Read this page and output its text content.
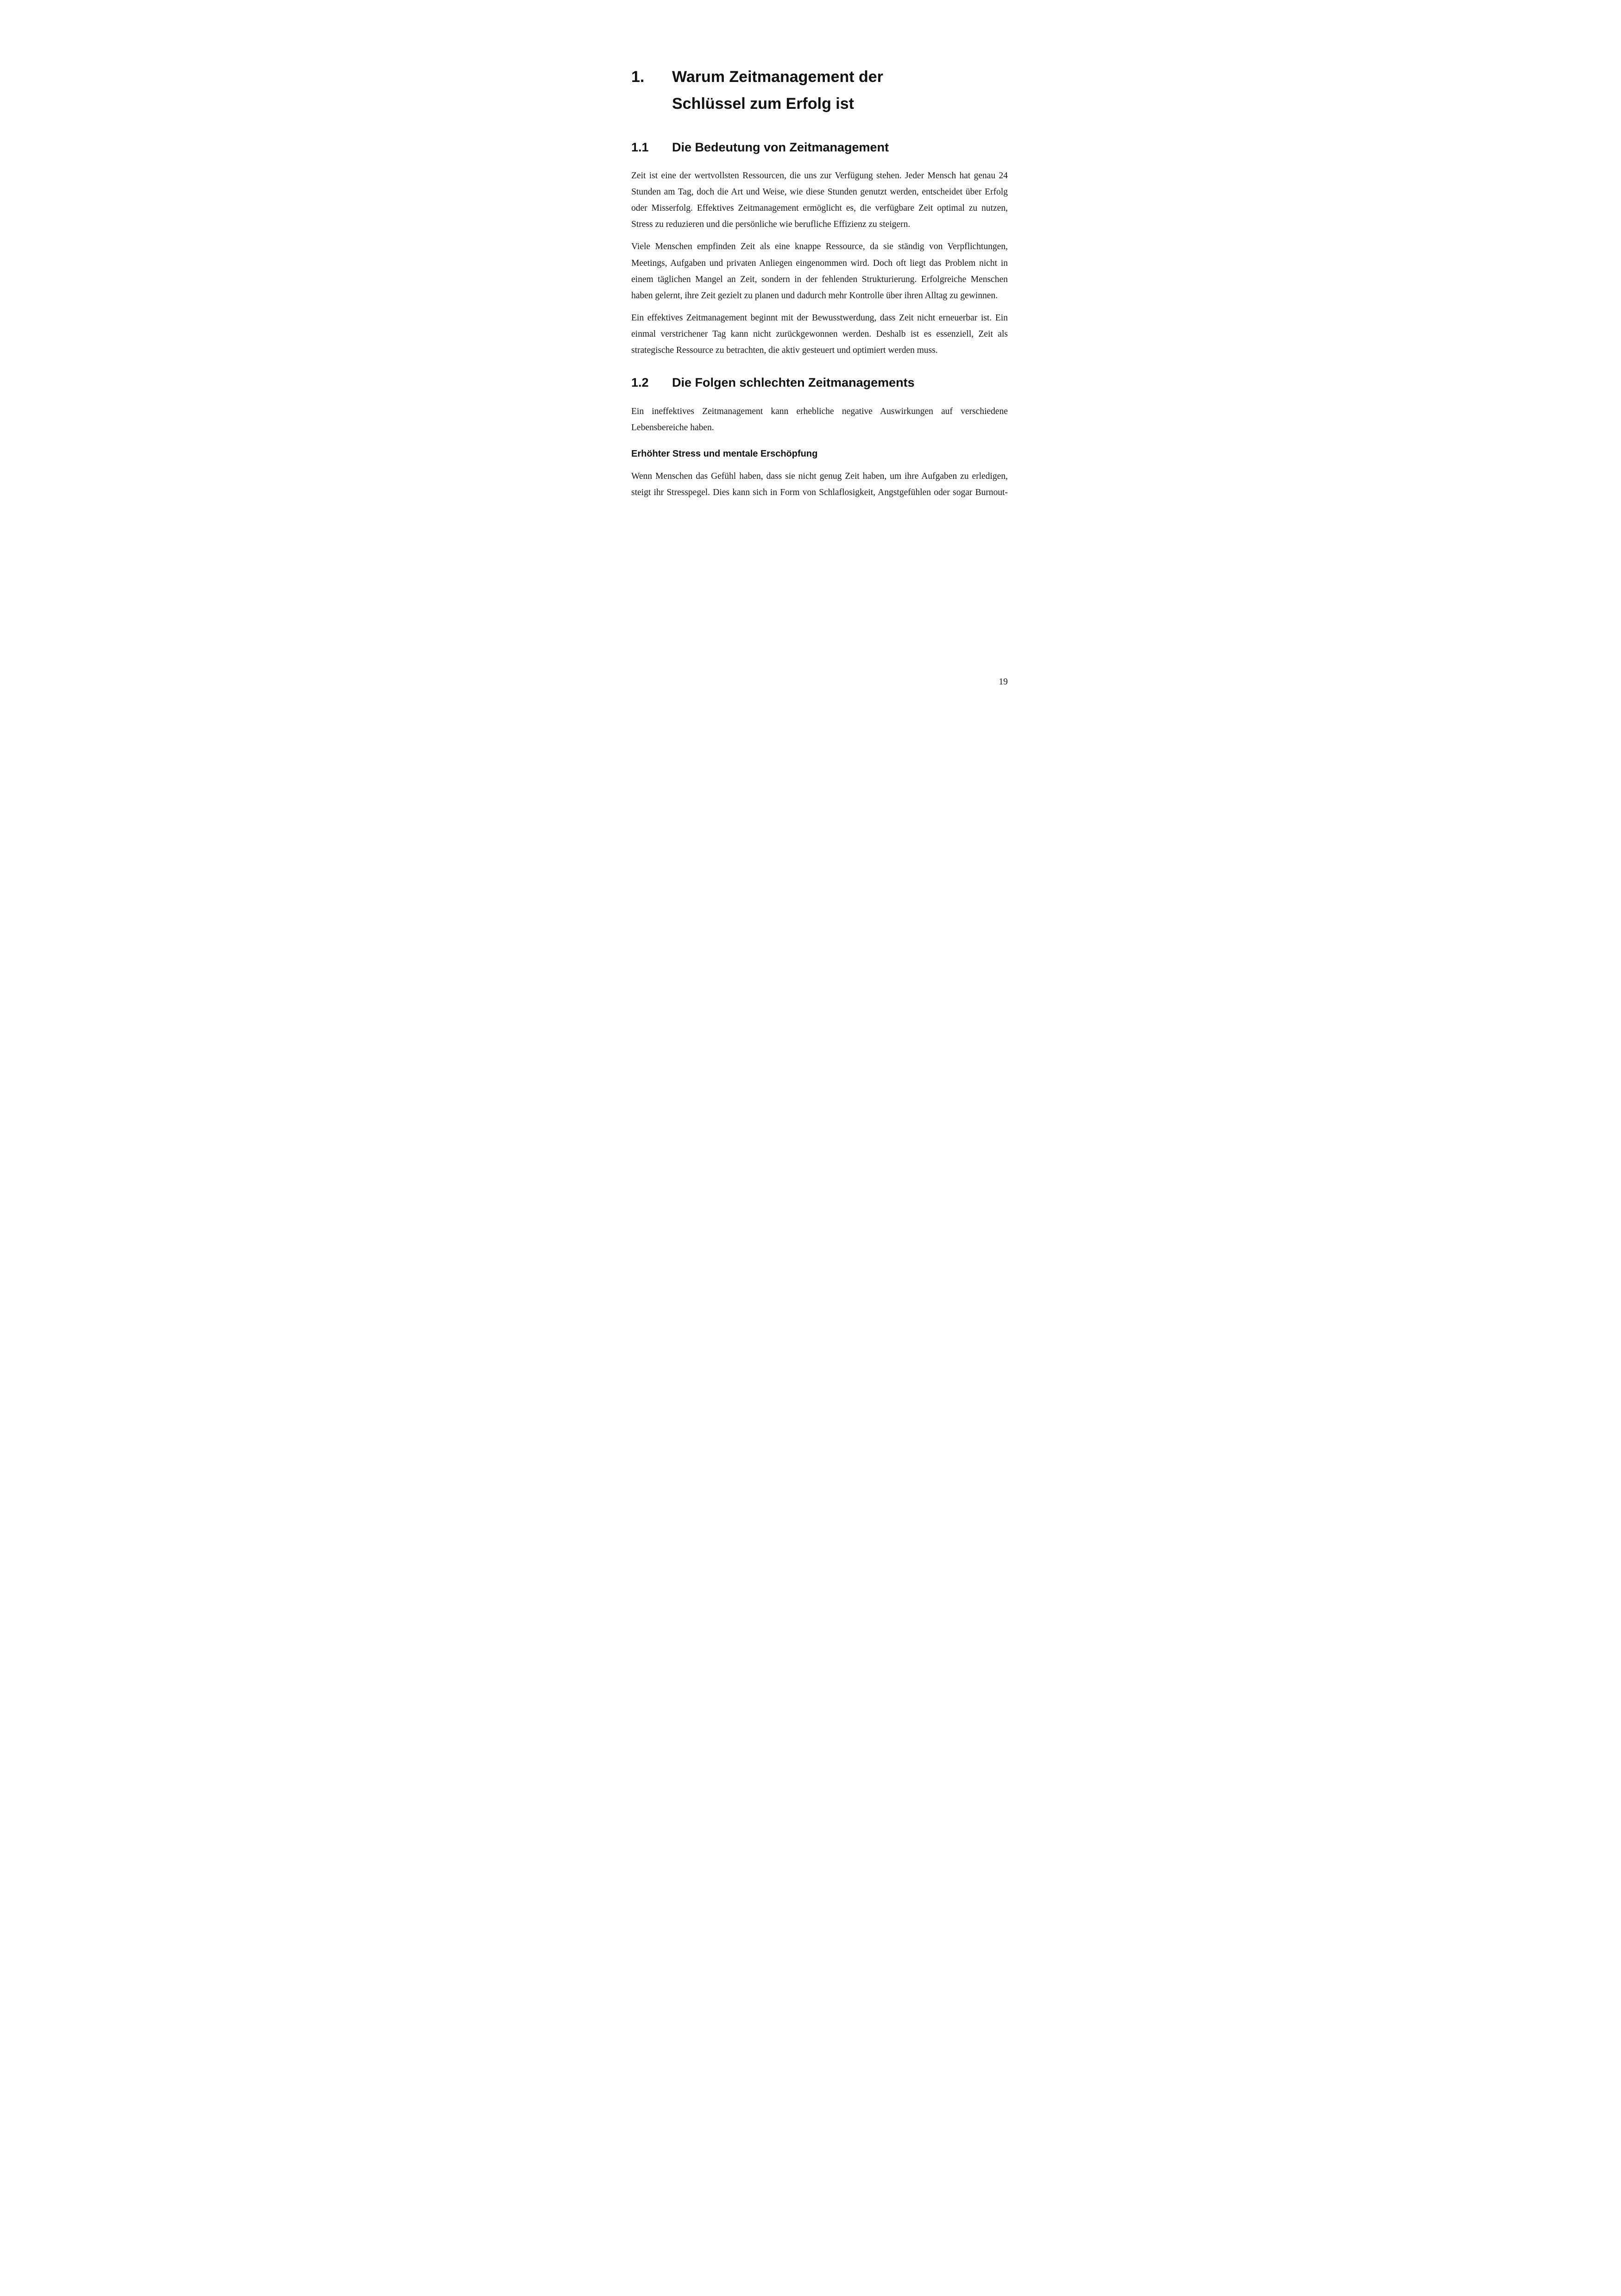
1.	Warum Zeitmanagement der Schlüssel zum Erfolg ist
1.1	Die Bedeutung von Zeitmanagement

Zeit ist eine der wertvollsten Ressourcen, die uns zur Verfügung stehen. Jeder Mensch hat genau 24 Stunden am Tag, doch die Art und Weise, wie diese Stunden genutzt werden, entscheidet über Erfolg oder Misserfolg. Effektives Zeitmanagement ermöglicht es, die verfügbare Zeit optimal zu nutzen, Stress zu reduzieren und die persönliche wie berufliche Effizienz zu steigern.

Viele Menschen empfinden Zeit als eine knappe Ressource, da sie ständig von Verpflichtungen, Meetings, Aufgaben und privaten Anliegen eingenommen wird. Doch oft liegt das Problem nicht in einem täglichen Mangel an Zeit, sondern in der fehlenden Strukturierung. Erfolgreiche Menschen haben gelernt, ihre Zeit gezielt zu planen und dadurch mehr Kontrolle über ihren Alltag zu gewinnen.

Ein effektives Zeitmanagement beginnt mit der Bewusstwerdung, dass Zeit nicht erneuerbar ist. Ein einmal verstrichener Tag kann nicht zurückgewonnen werden. Deshalb ist es essenziell, Zeit als strategische Ressource zu betrachten, die aktiv gesteuert und optimiert werden muss.

1.2	Die Folgen schlechten Zeitmanagements

Ein ineffektives Zeitmanagement kann erhebliche negative Auswirkungen auf verschiedene Lebensbereiche haben.

Erhöhter Stress und mentale Erschöpfung

Wenn Menschen das Gefühl haben, dass sie nicht genug Zeit haben, um ihre Aufgaben zu erledigen, steigt ihr Stresspegel. Dies kann sich in Form von Schlaflosigkeit, Angstgefühlen oder sogar Burnout-

19
